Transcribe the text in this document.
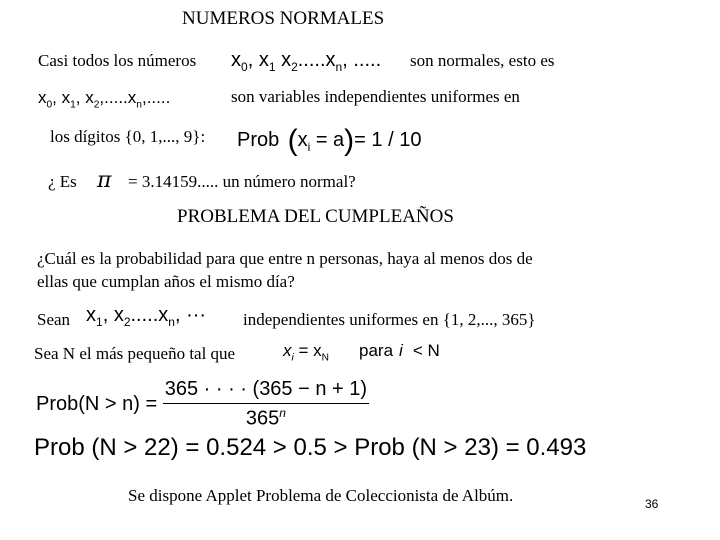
NUMEROS NORMALES
Casi todos los números $x_0$, $x_1$ $x_2.....x_n$, ..... son normales, esto es
$x_0$, $x_1$, $x_2,.....x_n$,.....	son variables independientes uniformes en
los dígitos {0, 1,..., 9}: Prob $(x_i = a)= 1 / 10$
¿ Es π = 3.14159..... un número normal?
PROBLEMA DEL CUMPLEAÑOS
¿Cuál es la probabilidad para que entre n personas, haya al menos dos de
ellas que cumplan años el mismo día?
Sean $x_1$, $x_2.....x_n$, ··· independientes uniformes en {1, 2,..., 365}
Sea N el más pequeño tal que	$x_i = x_N$ para i < N
Prob(N > $n) = \frac{365 \cdot \cdot \cdot \cdot (365 - n + 1)}{365^n}$
Prob (N > 22) = 0.524 > 0.5 > Prob (N > 23) = 0.493
Se dispone Applet Problema de Coleccionista de Albúm.	36
